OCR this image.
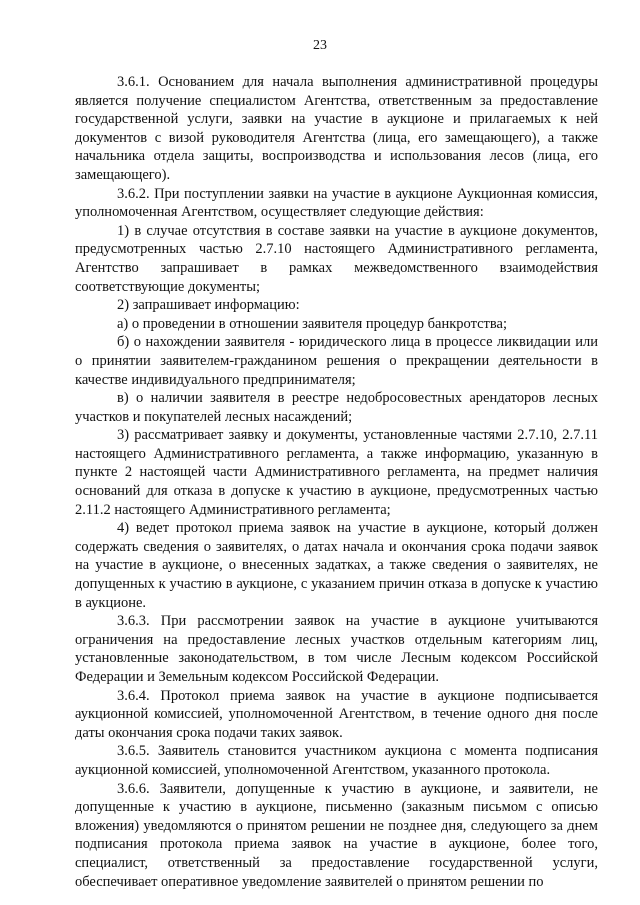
23

3.6.1. Основанием для начала выполнения административной процедуры является получение специалистом Агентства, ответственным за предоставление государственной услуги, заявки на участие в аукционе и прилагаемых к ней документов с визой руководителя Агентства (лица, его замещающего), а также начальника отдела защиты, воспроизводства и использования лесов (лица, его замещающего).

3.6.2. При поступлении заявки на участие в аукционе Аукционная комиссия, уполномоченная Агентством, осуществляет следующие действия:

1) в случае отсутствия в составе заявки на участие в аукционе документов, предусмотренных частью 2.7.10 настоящего Административного регламента, Агентство запрашивает в рамках межведомственного взаимодействия соответствующие документы;

2) запрашивает информацию:

а) о проведении в отношении заявителя процедур банкротства;

б) о нахождении заявителя - юридического лица в процессе ликвидации или о принятии заявителем-гражданином решения о прекращении деятельности в качестве индивидуального предпринимателя;

в) о наличии заявителя в реестре недобросовестных арендаторов лесных участков и покупателей лесных насаждений;

3) рассматривает заявку и документы, установленные частями 2.7.10, 2.7.11 настоящего Административного регламента, а также информацию, указанную в пункте 2 настоящей части Административного регламента, на предмет наличия оснований для отказа в допуске к участию в аукционе, предусмотренных частью 2.11.2 настоящего Административного регламента;

4) ведет протокол приема заявок на участие в аукционе, который должен содержать сведения о заявителях, о датах начала и окончания срока подачи заявок на участие в аукционе, о внесенных задатках, а также сведения о заявителях, не допущенных к участию в аукционе, с указанием причин отказа в допуске к участию в аукционе.

3.6.3. При рассмотрении заявок на участие в аукционе учитываются ограничения на предоставление лесных участков отдельным категориям лиц, установленные законодательством, в том числе Лесным кодексом Российской Федерации и Земельным кодексом Российской Федерации.

3.6.4. Протокол приема заявок на участие в аукционе подписывается аукционной комиссией, уполномоченной Агентством, в течение одного дня после даты окончания срока подачи таких заявок.

3.6.5. Заявитель становится участником аукциона с момента подписания аукционной комиссией, уполномоченной Агентством, указанного протокола.

3.6.6. Заявители, допущенные к участию в аукционе, и заявители, не допущенные к участию в аукционе, письменно (заказным письмом с описью вложения) уведомляются о принятом решении не позднее дня, следующего за днем подписания протокола приема заявок на участие в аукционе, более того, специалист, ответственный за предоставление государственной услуги, обеспечивает оперативное уведомление заявителей о принятом решении по
